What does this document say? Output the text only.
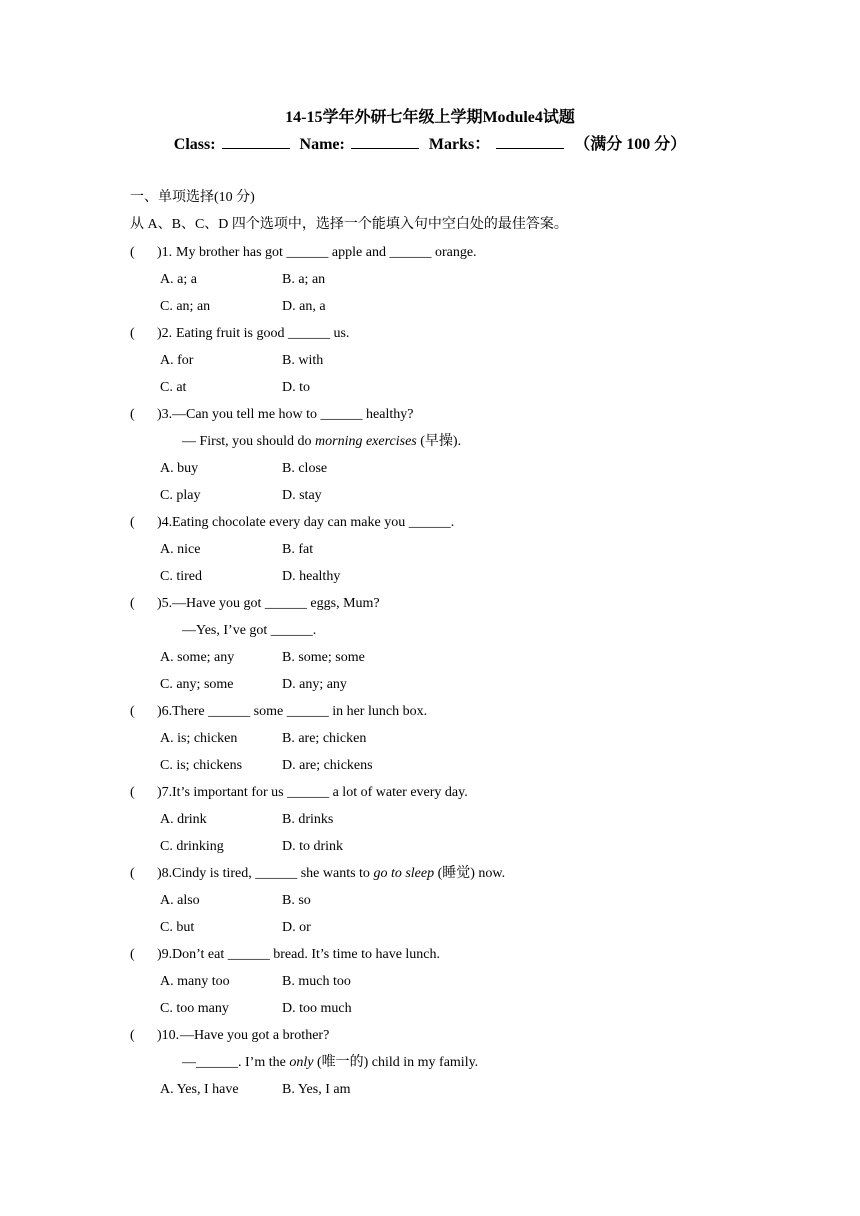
14-15学年外研七年级上学期Module4试题
Class:	Name:	Marks：	（满分 100 分）
一、单项选择(10 分)
从 A、B、C、D 四个选项中，选择一个能填入句中空白处的最佳答案。
( )1. My brother has got ______ apple and ______ orange.
A. a; a	B. a; an
C. an; an	D. an, a
( )2. Eating fruit is good ______ us.
A. for	B. with
C. at	D. to
( )3. —Can you tell me how to ______ healthy?
— First, you should do morning exercises (早操).
A. buy	B. close
C. play	D. stay
( )4. Eating chocolate every day can make you ______.
A. nice	B. fat
C. tired	D. healthy
( )5. —Have you got ______ eggs, Mum?
—Yes, I’ve got ______.
A. some; any	B. some; some
C. any; some	D. any; any
( )6. There ______ some ______ in her lunch box.
A. is; chicken	B. are; chicken
C. is; chickens	D. are; chickens
( )7. It’s important for us ______ a lot of water every day.
A. drink	B. drinks
C. drinking	D. to drink
( )8. Cindy is tired, ______ she wants to go to sleep (睡觉) now.
A. also	B. so
C. but	D. or
( )9. Don’t eat ______ bread. It’s time to have lunch.
A. many too	B. much too
C. too many	D. too much
( )10. —Have you got a brother?
—______. I’m the only (唯一的) child in my family.
A. Yes, I have	B. Yes, I am
